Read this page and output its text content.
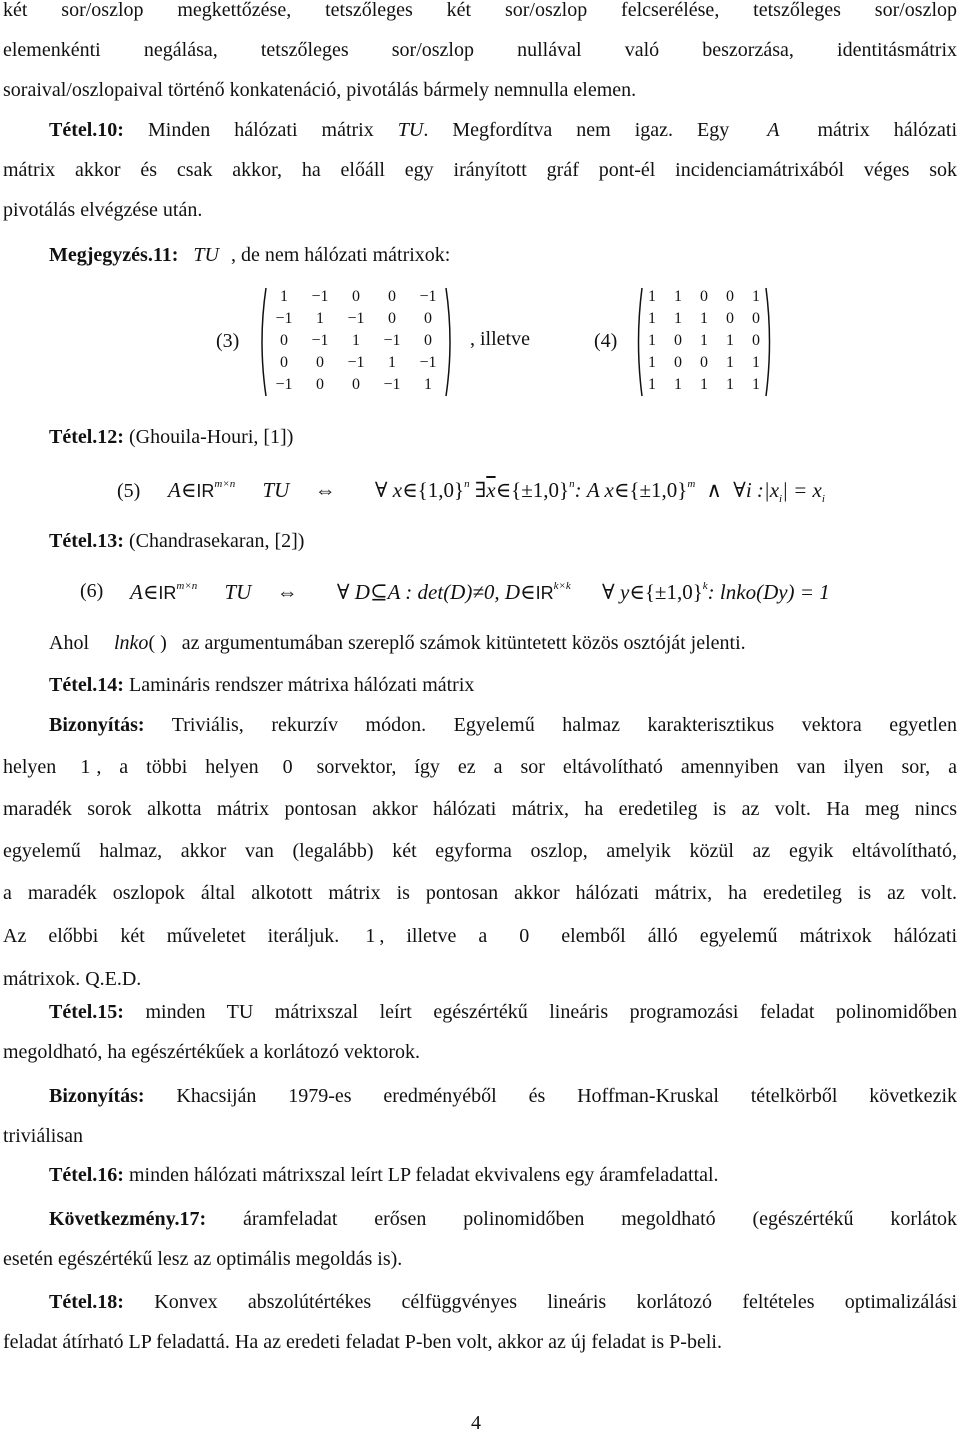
két sor/oszlop megkettőzése, tetszőleges két sor/oszlop felcserélése, tetszőleges sor/oszlop
elemenkénti negálása, tetszőleges sor/oszlop nullával való beszorzása, identitásmátrix
soraival/oszlopaival történő konkatenáció, pivotálás bármely nemnulla elemen.
Tétel.10: Minden hálózati mátrix TU. Megfordítva nem igaz. Egy A mátrix hálózati
mátrix akkor és csak akkor, ha előáll egy irányított gráf pont-él incidenciamátrixából véges sok
pivotálás elvégzése után.
Megjegyzés.11: TU , de nem hálózati mátrixok:
(3)
1	−1	0	0	−1
−1	1	−1	0	0
0	−1	1	−1	0
0	0	−1	1	−1
−1	0	0	−1	1
, illetve	(4)
1	1	0	0	1
1	1	1	0	0
1	0	1	1	0
1	0	0	1	1
1	1	1	1	1
Tétel.12: (Ghouila-Houri, [1])
(5) $A\in IR^{m\times n}$ TU ⇔ ∀ $x\in\{1,0\}^n$ $\exists\overline{x}\in\{\pm 1,0\}^n$: A $x\in\{\pm 1,0\}^m$ ∧ ∀i $:|x_i| = x_i$
Tétel.13: (Chandrasekaran, [2])
(6) $A\in IR^{m\times n}$ TU ⇔ ∀ D⊆A : det(D)≠0, $D\in IR^{k\times k}$ ∀ $y\in\{\pm 1,0\}^k$: lnko(Dy) = 1
Ahol lnko( ) az argumentumában szereplő számok kitüntetett közös osztóját jelenti.
Tétel.14: Lamináris rendszer mátrixa hálózati mátrix
Bizonyítás: Triviális, rekurzív módon. Egyelemű halmaz karakterisztikus vektora egyetlen
helyen 1 , a többi helyen 0 sorvektor, így ez a sor eltávolítható amennyiben van ilyen sor, a
maradék sorok alkotta mátrix pontosan akkor hálózati mátrix, ha eredetileg is az volt. Ha meg nincs
egyelemű halmaz, akkor van (legalább) két egyforma oszlop, amelyik közül az egyik eltávolítható,
a maradék oszlopok által alkotott mátrix is pontosan akkor hálózati mátrix, ha eredetileg is az volt.
Az előbbi két műveletet iteráljuk. 1 , illetve a 0 elemből álló egyelemű mátrixok hálózati
mátrixok. Q.E.D.
Tétel.15: minden TU mátrixszal leírt egészértékű lineáris programozási feladat polinomidőben
megoldható, ha egészértékűek a korlátozó vektorok.
Bizonyítás: Khacsiján 1979-es eredményéből és Hoffman-Kruskal tételkörből következik
triviálisan
Tétel.16: minden hálózati mátrixszal leírt LP feladat ekvivalens egy áramfeladattal.
Következmény.17: áramfeladat erősen polinomidőben megoldható (egészértékű korlátok
esetén egészértékű lesz az optimális megoldás is).
Tétel.18: Konvex abszolútértékes célfüggvényes lineáris korlátozó feltételes optimalizálási
feladat átírható LP feladattá. Ha az eredeti feladat P-ben volt, akkor az új feladat is P-beli.
4
